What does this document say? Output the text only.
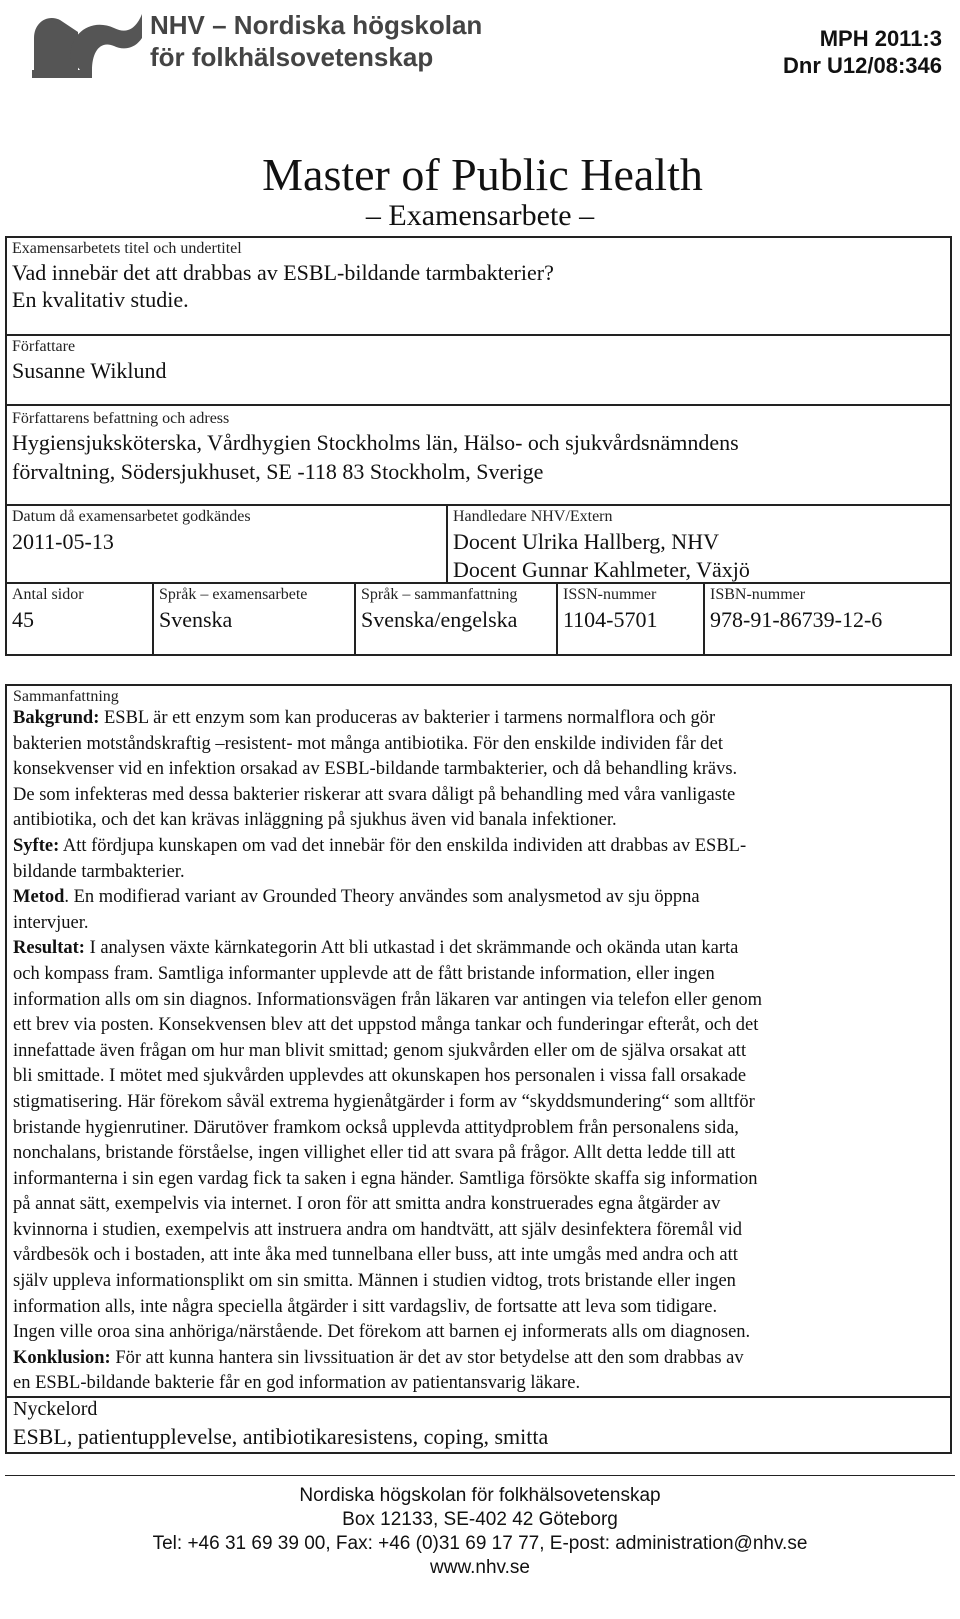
NHV – Nordiska högskolan
för folkhälsovetenskap
MPH 2011:3
Dnr U12/08:346
Master of Public Health
– Examensarbete –
Examensarbetets titel och undertitel
Vad innebär det att drabbas av ESBL-bildande tarmbakterier?
En kvalitativ studie.
Författare
Susanne Wiklund
Författarens befattning och adress
Hygiensjuksköterska, Vårdhygien Stockholms län, Hälso- och sjukvårdsnämndens
förvaltning, Södersjukhuset, SE -118 83 Stockholm, Sverige
Datum då examensarbetet godkändes
2011-05-13
Handledare NHV/Extern
Docent Ulrika Hallberg, NHV
Docent Gunnar Kahlmeter, Växjö
Antal sidor
45
Språk – examensarbete
Svenska
Språk – sammanfattning
Svenska/engelska
ISSN-nummer
1104-5701
ISBN-nummer
978-91-86739-12-6
Sammanfattning

Bakgrund: ESBL är ett enzym som kan produceras av bakterier i tarmens normalflora och gör

bakterien motståndskraftig –resistent- mot många antibiotika. För den enskilde individen får det

konsekvenser vid en infektion orsakad av ESBL-bildande tarmbakterier, och då behandling krävs.

De som infekteras med dessa bakterier riskerar att svara dåligt på behandling med våra vanligaste

antibiotika, och det kan krävas inläggning på sjukhus även vid banala infektioner.

Syfte: Att fördjupa kunskapen om vad det innebär för den enskilda individen att drabbas av ESBL-

bildande tarmbakterier.

Metod. En modifierad variant av Grounded Theory användes som analysmetod av sju öppna

intervjuer.

Resultat: I analysen växte kärnkategorin Att bli utkastad i det skrämmande och okända utan karta

och kompass fram. Samtliga informanter upplevde att de fått bristande information, eller ingen

information alls om sin diagnos. Informationsvägen från läkaren var antingen via telefon eller genom

ett brev via posten. Konsekvensen blev att det uppstod många tankar och funderingar efteråt, och det

innefattade även frågan om hur man blivit smittad; genom sjukvården eller om de själva orsakat att

bli smittade. I mötet med sjukvården upplevdes att okunskapen hos personalen i vissa fall orsakade

stigmatisering. Här förekom såväl extrema hygienåtgärder i form av “skyddsmundering“ som alltför

bristande hygienrutiner. Därutöver framkom också upplevda attitydproblem från personalens sida,

nonchalans, bristande förståelse, ingen villighet eller tid att svara på frågor. Allt detta ledde till att

informanterna i sin egen vardag fick ta saken i egna händer. Samtliga försökte skaffa sig information

på annat sätt, exempelvis via internet. I oron för att smitta andra konstruerades egna åtgärder av

kvinnorna i studien, exempelvis att instruera andra om handtvätt, att själv desinfektera föremål vid

vårdbesök och i bostaden, att inte åka med tunnelbana eller buss, att inte umgås med andra och att

själv uppleva informationsplikt om sin smitta. Männen i studien vidtog, trots bristande eller ingen

information alls, inte några speciella åtgärder i sitt vardagsliv, de fortsatte att leva som tidigare.

Ingen ville oroa sina anhöriga/närstående. Det förekom att barnen ej informerats alls om diagnosen.

Konklusion: För att kunna hantera sin livssituation är det av stor betydelse att den som drabbas av

en ESBL-bildande bakterie får en god information av patientansvarig läkare.

Nyckelord
ESBL, patientupplevelse, antibiotikaresistens, coping, smitta
Nordiska högskolan för folkhälsovetenskap
Box 12133, SE-402 42 Göteborg
Tel: +46 31 69 39 00, Fax: +46 (0)31 69 17 77, E-post: administration@nhv.se
www.nhv.se
